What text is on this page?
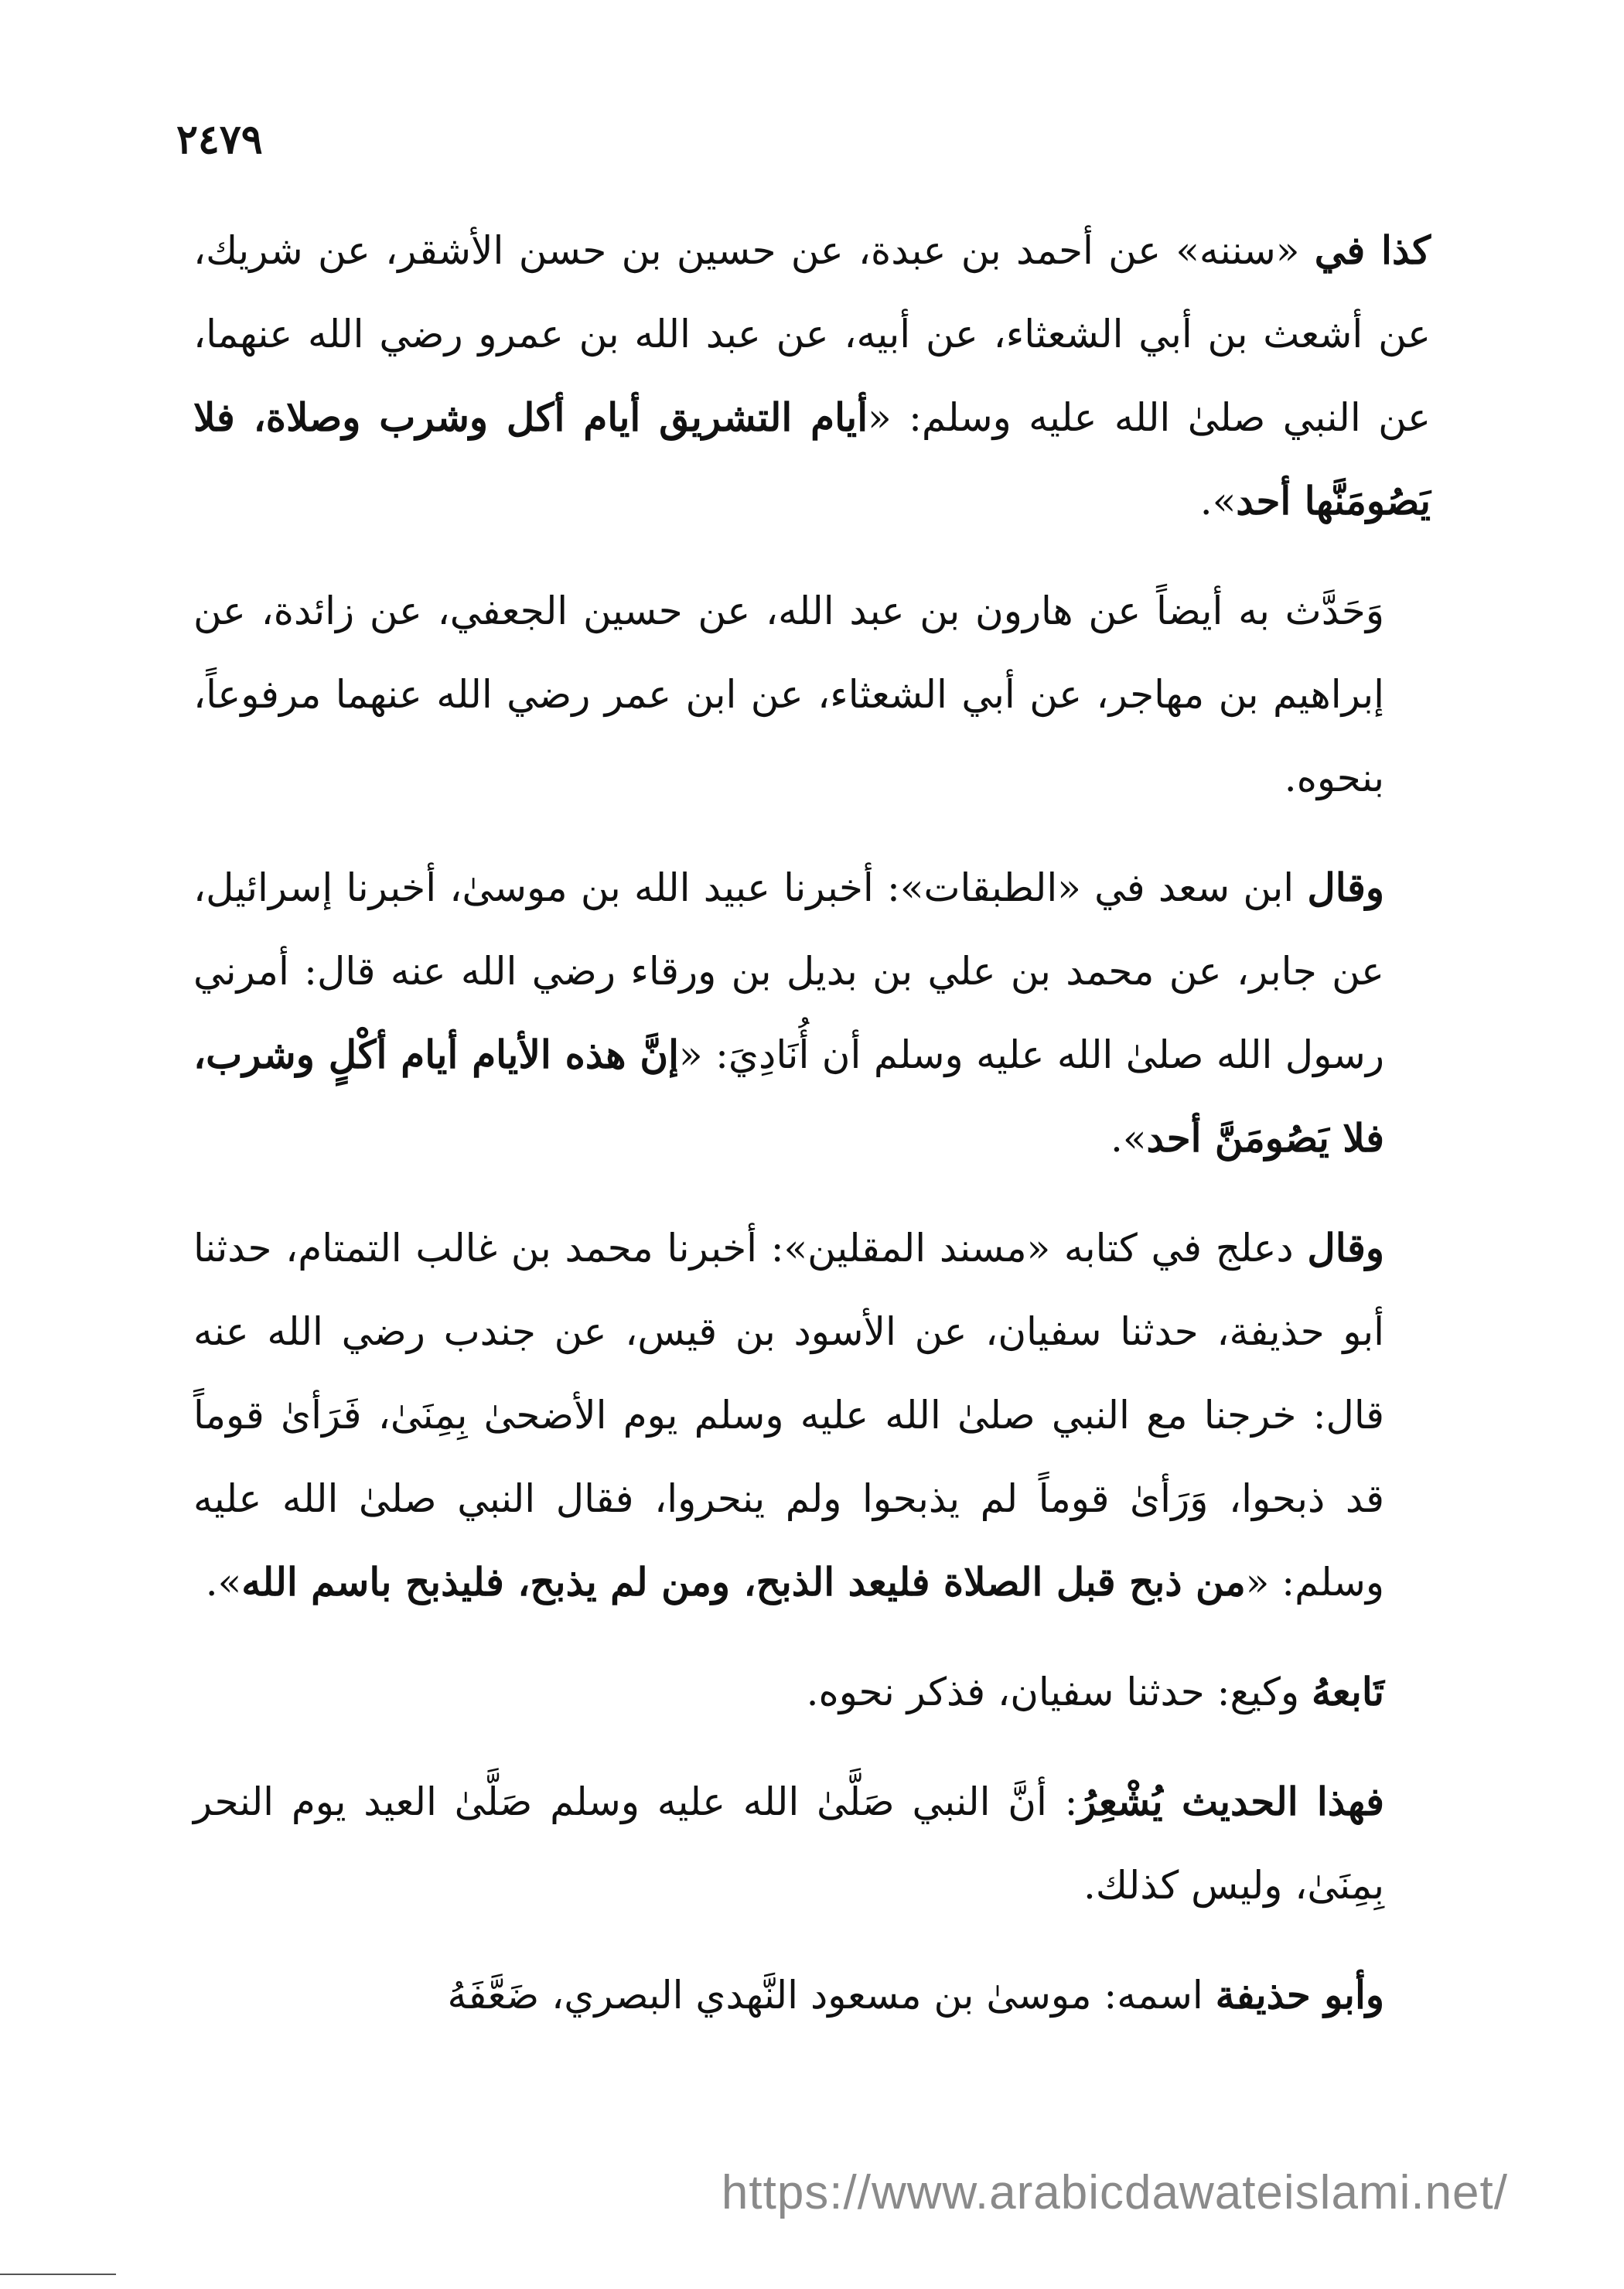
٢٤٧٩

كذا في «سننه» عن أحمد بن عبدة، عن حسين بن حسن الأشقر، عن شريك، عن أشعث بن أبي الشعثاء، عن أبيه، عن عبد الله بن عمرو رضي الله عنهما، عن النبي صلىٰ الله عليه وسلم: «أيام التشريق أيام أكل وشرب وصلاة، فلا يَصُومَنَّها أحد».

وَحَدَّث به أيضاً عن هارون بن عبد الله، عن حسين الجعفي، عن زائدة، عن إبراهيم بن مهاجر، عن أبي الشعثاء، عن ابن عمر رضي الله عنهما مرفوعاً، بنحوه.

وقال ابن سعد في «الطبقات»: أخبرنا عبيد الله بن موسىٰ، أخبرنا إسرائيل، عن جابر، عن محمد بن علي بن بديل بن ورقاء رضي الله عنه قال: أمرني رسول الله صلىٰ الله عليه وسلم أن أُنَادِيَ: «إنَّ هذه الأيام أيام أكْلٍ وشرب، فلا يَصُومَنَّ أحد».

وقال دعلج في كتابه «مسند المقلين»: أخبرنا محمد بن غالب التمتام، حدثنا أبو حذيفة، حدثنا سفيان، عن الأسود بن قيس، عن جندب رضي الله عنه قال: خرجنا مع النبي صلىٰ الله عليه وسلم يوم الأضحىٰ بِمِنَىٰ، فَرَأىٰ قوماً قد ذبحوا، وَرَأىٰ قوماً لم يذبحوا ولم ينحروا، فقال النبي صلىٰ الله عليه وسلم: «من ذبح قبل الصلاة فليعد الذبح، ومن لم يذبح، فليذبح باسم الله».

تَابعهُ وكيع: حدثنا سفيان، فذكر نحوه.

فهذا الحديث يُشْعِرُ: أنَّ النبي صَلَّىٰ الله عليه وسلم صَلَّىٰ العيد يوم النحر بِمِنَىٰ، وليس كذلك.

وأبو حذيفة اسمه: موسىٰ بن مسعود النَّهدي البصري، ضَعَّفَهُ

https://www.arabicdawateislami.net/
